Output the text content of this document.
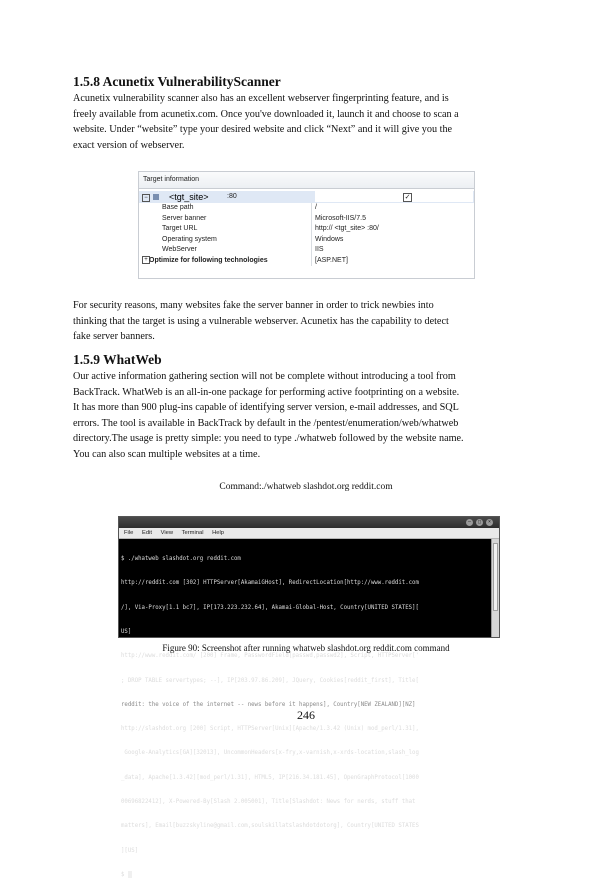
1.5.8 Acunetix VulnerabilityScanner

Acunetix vulnerability scanner also has an excellent webserver fingerprinting feature, and is

freely available from acunetix.com. Once you've downloaded it, launch it and choose to scan a

website. Under “website” type your desired website and click “Next” and it will give you the

exact version of webserver.

Target information
−	<tgt_site>	:80	✓
Base path	/
Server banner	Microsoft-IIS/7.5
Target URL	http:// <tgt_site> :80/
Operating system	Windows
WebServer	IIS
+ Optimize for following technologies	[ASP.NET]

For security reasons, many websites fake the server banner in order to trick newbies into

thinking that the target is using a vulnerable webserver. Acunetix has the capability to detect

fake server banners.

1.5.9 WhatWeb

Our active information gathering section will not be complete without introducing a tool from

BackTrack. WhatWeb is an all-in-one package for performing active footprinting on a website.

It has more than 900 plug-ins capable of identifying server version, e-mail addresses, and SQL

errors. The tool is available in BackTrack by default in the /pentest/enumeration/web/whatweb

directory.The usage is pretty simple: you need to type ./whatweb followed by the website name.

You can also scan multiple websites at a time.

Command:./whatweb slashdot.org reddit.com
–	□	×
File Edit View Terminal Help

$ ./whatweb slashdot.org reddit.com

http://reddit.com [302] HTTPServer[AkamaiGHost], RedirectLocation[http://www.reddit.com

/], Via-Proxy[1.1 bc7], IP[173.223.232.64], Akamai-Global-Host, Country[UNITED STATES][

US]

http://www.reddit.com/ [200] Frame, PasswordField[passwd,passwd2], Script, HTTPServer['

; DROP TABLE servertypes; --], IP[203.97.86.209], JQuery, Cookies[reddit_first], Title[

reddit: the voice of the internet -- news before it happens], Country[NEW ZEALAND][NZ]

http://slashdot.org [200] Script, HTTPServer[Unix][Apache/1.3.42 (Unix) mod_perl/1.31],

Google-Analytics[GA][32013], UncommonHeaders[x-fry,x-varnish,x-xrds-location,slash_log

_data], Apache[1.3.42][mod_perl/1.31], HTML5, IP[216.34.181.45], OpenGraphProtocol[1000

00696822412], X-Powered-By[Slash 2.005001], Title[Slashdot: News for nerds, stuff that

matters], Email[buzzskyline@gmail.com,soulskillatslashdotdotorg], Country[UNITED STATES

][US]

$

Figure 90: Screenshot after running whatweb slashdot.org reddit.com command
246
